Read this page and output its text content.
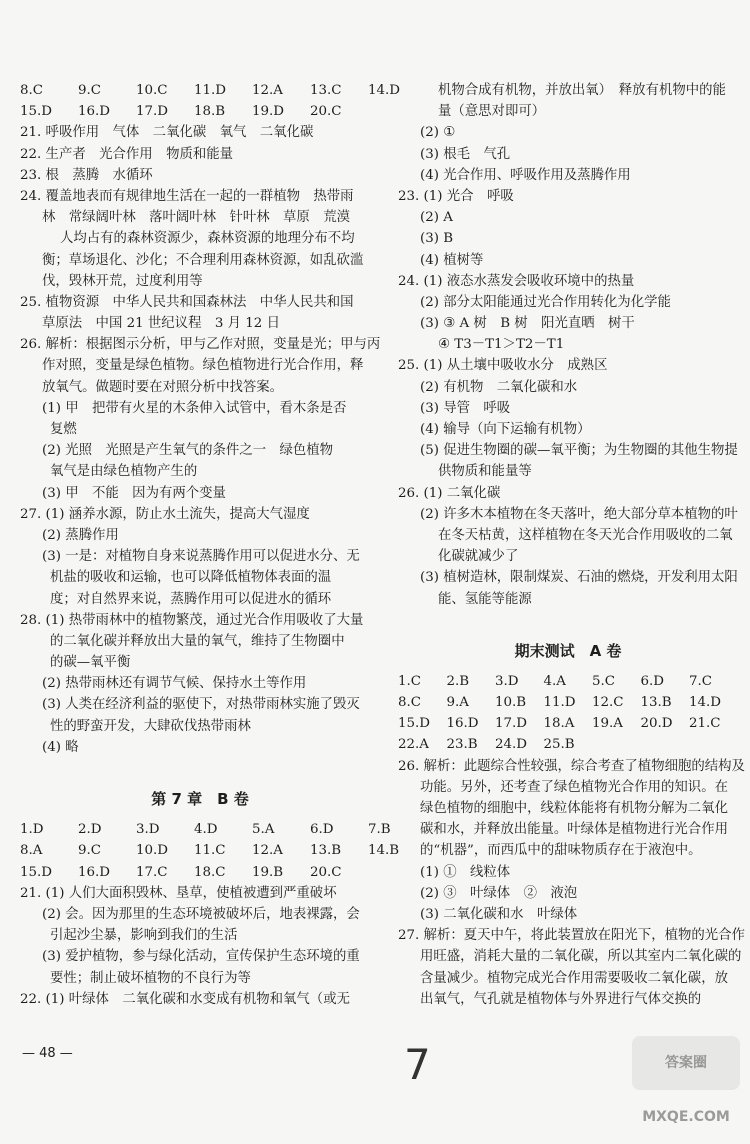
8.C	9.C	10.C 11.D 12.A 13.C 14.D
15.D 16.D 17.D 18.B 19.D 20.C
21. 呼吸作用　气体　二氧化碳　氧气　二氧化碳
22. 生产者　光合作用　物质和能量
23. 根　蒸腾　水循环
24. 覆盖地表而有规律地生活在一起的一群植物　热带雨
林　常绿阔叶林　落叶阔叶林　针叶林　草原　荒漠
人均占有的森林资源少，森林资源的地理分布不均
衡；草场退化、沙化；不合理利用森林资源，如乱砍滥
伐，毁林开荒，过度利用等
25. 植物资源　中华人民共和国森林法　中华人民共和国
草原法　中国 21 世纪议程　3 月 12 日
26. 解析：根据图示分析，甲与乙作对照，变量是光；甲与丙
作对照，变量是绿色植物。绿色植物进行光合作用，释
放氧气。做题时要在对照分析中找答案。
(1) 甲　把带有火星的木条伸入试管中，看木条是否
复燃
(2) 光照　光照是产生氧气的条件之一　绿色植物
氧气是由绿色植物产生的
(3) 甲　不能　因为有两个变量
27. (1) 涵养水源，防止水土流失，提高大气湿度
(2) 蒸腾作用
(3) 一是：对植物自身来说蒸腾作用可以促进水分、无
机盐的吸收和运输，也可以降低植物体表面的温
度；对自然界来说，蒸腾作用可以促进水的循环
28. (1) 热带雨林中的植物繁茂，通过光合作用吸收了大量
的二氧化碳并释放出大量的氧气，维持了生物圈中
的碳—氧平衡
(2) 热带雨林还有调节气候、保持水土等作用
(3) 人类在经济利益的驱使下，对热带雨林实施了毁灭
性的野蛮开发，大肆砍伐热带雨林
(4) 略
第 7 章　B 卷
1.D	2.D	3.D	4.D	5.A	6.D	7.B
8.A	9.C	10.D 11.C 12.A 13.B 14.B
15.D 16.D 17.C 18.C 19.B 20.C
21. (1) 人们大面积毁林、垦草，使植被遭到严重破坏
(2) 会。因为那里的生态环境被破坏后，地表裸露，会
引起沙尘暴，影响到我们的生活
(3) 爱护植物，参与绿化活动，宣传保护生态环境的重
要性；制止破坏植物的不良行为等
22. (1) 叶绿体　二氧化碳和水变成有机物和氧气（或无
机物合成有机物，并放出氧）　释放有机物中的能
量（意思对即可）
(2) ①
(3) 根毛　气孔
(4) 光合作用、呼吸作用及蒸腾作用
23. (1) 光合　呼吸
(2) A
(3) B
(4) 植树等
24. (1) 液态水蒸发会吸收环境中的热量
(2) 部分太阳能通过光合作用转化为化学能
(3) ③ A 树　B 树　阳光直晒　树干
④ T3－T1＞T2－T1
25. (1) 从土壤中吸收水分　成熟区
(2) 有机物　二氧化碳和水
(3) 导管　呼吸
(4) 输导（向下运输有机物）
(5) 促进生物圈的碳—氧平衡；为生物圈的其他生物提
供物质和能量等
26. (1) 二氧化碳
(2) 许多木本植物在冬天落叶，绝大部分草本植物的叶
在冬天枯黄，这样植物在冬天光合作用吸收的二氧
化碳就减少了
(3) 植树造林，限制煤炭、石油的燃烧，开发利用太阳
能、氢能等能源
期末测试　A 卷
1.C 2.B 3.D 4.A 5.C 6.D 7.C
8.C 9.A 10.B 11.D 12.C 13.B 14.D
15.D 16.D 17.D 18.A 19.A 20.D 21.C
22.A 23.B 24.D 25.B
26. 解析：此题综合性较强，综合考查了植物细胞的结构及
功能。另外，还考查了绿色植物光合作用的知识。在
绿色植物的细胞中，线粒体能将有机物分解为二氧化
碳和水，并释放出能量。叶绿体是植物进行光合作用
的“机器”，而西瓜中的甜味物质存在于液泡中。
(1) ①　线粒体
(2) ③　叶绿体　②　液泡
(3) 二氧化碳和水　叶绿体
27. 解析：夏天中午，将此装置放在阳光下，植物的光合作
用旺盛，消耗大量的二氧化碳，所以其室内二氧化碳的
含量减少。植物完成光合作用需要吸收二氧化碳，放
出氧气，气孔就是植物体与外界进行气体交换的
— 48 —	7	答案圈 MXQE.COM
